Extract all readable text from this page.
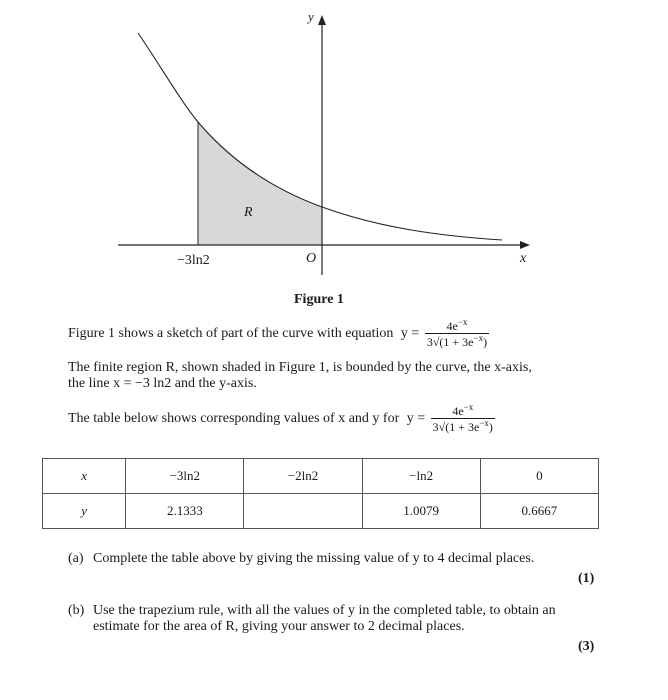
y
x
O
R
−3ln2
Figure 1
Figure 1 shows a sketch of part of the curve with equation $y = \frac{4e^{-x}}{3√(1 + 3e^{-x})}$
The finite region R, shown shaded in Figure 1, is bounded by the curve, the x-axis,
the line x = −3 ln2 and the y-axis.
The table below shows corresponding values of x and y for $y = \frac{4e^{-x}}{3√(1 + 3e^{-x})}$
x	−3ln2	−2ln2	−ln2	0
y	2.1333		1.0079	0.6667
(a) Complete the table above by giving the missing value of y to 4 decimal places.
(1)
(b) Use the trapezium rule, with all the values of y in the completed table, to obtain an
estimate for the area of R, giving your answer to 2 decimal places.
(3)
